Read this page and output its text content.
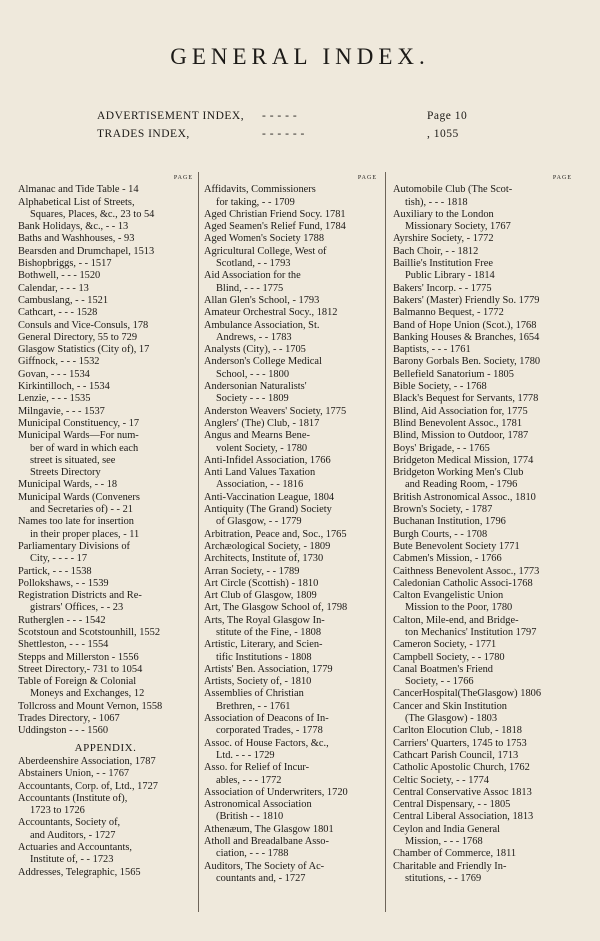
GENERAL INDEX.
ADVERTISEMENT INDEX,	- - - - -	Page 10
TRADES INDEX,	- - - - - -	, 1055
PAGE

Almanac and Tide Table - 14

Alphabetical List of Streets,

Squares, Places, &c., 23 to 54

Bank Holidays, &c., - - 13

Baths and Washhouses, - 93

Bearsden and Drumchapel, 1513

Bishopbriggs, - - 1517

Bothwell, - - - 1520

Calendar, - - - 13

Cambuslang, - - 1521

Cathcart, - - - 1528

Consuls and Vice-Consuls, 178

General Directory, 55 to 729

Glasgow Statistics (City of), 17

Giffnock, - - - 1532

Govan, - - - 1534

Kirkintilloch, - - 1534

Lenzie, - - - 1535

Milngavie, - - - 1537

Municipal Constituency, - 17

Municipal Wards—For num-

ber of ward in which each

street is situated, see

Streets Directory

Municipal Wards, - - 18

Municipal Wards (Conveners

and Secretaries of) - - 21

Names too late for insertion

in their proper places, - 11

Parliamentary Divisions of

City, - - - - 17

Partick, - - - 1538

Pollokshaws, - - 1539

Registration Districts and Re-

gistrars' Offices, - - 23

Rutherglen - - - 1542

Scotstoun and Scotstounhill, 1552

Shettleston, - - - 1554

Stepps and Millerston - 1556

Street Directory,- 731 to 1054

Table of Foreign & Colonial

Moneys and Exchanges, 12

Tollcross and Mount Vernon, 1558

Trades Directory, - 1067

Uddingston - - - 1560

APPENDIX.

Aberdeenshire Association, 1787

Abstainers Union, - - 1767

Accountants, Corp. of, Ltd., 1727

Accountants (Institute of),

1723 to 1726

Accountants, Society of,

and Auditors, - 1727

Actuaries and Accountants,

Institute of, - - 1723

Addresses, Telegraphic, 1565

PAGE

Affidavits, Commissioners

for taking, - - 1709

Aged Christian Friend Socy. 1781

Aged Seamen's Relief Fund, 1784

Aged Women's Society 1788

Agricultural College, West of

Scotland, - - 1793

Aid Association for the

Blind, - - - 1775

Allan Glen's School, - 1793

Amateur Orchestral Socy., 1812

Ambulance Association, St.

Andrews, - - 1783

Analysts (City), - - 1705

Anderson's College Medical

School, - - - 1800

Andersonian Naturalists'

Society - - - 1809

Anderston Weavers' Society, 1775

Anglers' (The) Club, - 1817

Angus and Mearns Bene-

volent Society, - 1780

Anti-Infidel Association, 1766

Anti Land Values Taxation

Association, - - 1816

Anti-Vaccination League, 1804

Antiquity (The Grand) Society

of Glasgow, - - 1779

Arbitration, Peace and, Soc., 1765

Archæological Society, - 1809

Architects, Institute of, 1730

Arran Society, - - 1789

Art Circle (Scottish) - 1810

Art Club of Glasgow, 1809

Art, The Glasgow School of, 1798

Arts, The Royal Glasgow In-

stitute of the Fine, - 1808

Artistic, Literary, and Scien-

tific Institutions - 1808

Artists' Ben. Association, 1779

Artists, Society of, - 1810

Assemblies of Christian

Brethren, - - 1761

Association of Deacons of In-

corporated Trades, - 1778

Assoc. of House Factors, &c.,

Ltd. - - - 1729

Asso. for Relief of Incur-

ables, - - - 1772

Association of Underwriters, 1720

Astronomical Association

(British - - 1810

Athenæum, The Glasgow 1801

Atholl and Breadalbane Asso-

ciation, - - - 1788

Auditors, The Society of Ac-

countants and, - 1727

PAGE

Automobile Club (The Scot-

tish), - - - 1818

Auxiliary to the London

Missionary Society, 1767

Ayrshire Society, - 1772

Bach Choir, - - 1812

Baillie's Institution Free

Public Library - 1814

Bakers' Incorp. - - 1775

Bakers' (Master) Friendly So. 1779

Balmanno Bequest, - 1772

Band of Hope Union (Scot.), 1768

Banking Houses & Branches, 1654

Baptists, - - - 1761

Barony Gorbals Ben. Society, 1780

Bellefield Sanatorium - 1805

Bible Society, - - 1768

Black's Bequest for Servants, 1778

Blind, Aid Association for, 1775

Blind Benevolent Assoc., 1781

Blind, Mission to Outdoor, 1787

Boys' Brigade, - - 1765

Bridgeton Medical Mission, 1774

Bridgeton Working Men's Club

and Reading Room, - 1796

British Astronomical Assoc., 1810

Brown's Society, - 1787

Buchanan Institution, 1796

Burgh Courts, - - 1708

Bute Benevolent Society 1771

Cabmen's Mission, - 1766

Caithness Benevolent Assoc., 1773

Caledonian Catholic Associ-1768

Calton Evangelistic Union

Mission to the Poor, 1780

Calton, Mile-end, and Bridge-

ton Mechanics' Institution 1797

Cameron Society, - 1771

Campbell Society, - - 1780

Canal Boatmen's Friend

Society, - - 1766

CancerHospital(TheGlasgow) 1806

Cancer and Skin Institution

(The Glasgow) - 1803

Carlton Elocution Club, - 1818

Carriers' Quarters, 1745 to 1753

Cathcart Parish Council, 1713

Catholic Apostolic Church, 1762

Celtic Society, - - 1774

Central Conservative Assoc 1813

Central Dispensary, - - 1805

Central Liberal Association, 1813

Ceylon and India General

Mission, - - - 1768

Chamber of Commerce, 1811

Charitable and Friendly In-

stitutions, - - 1769
